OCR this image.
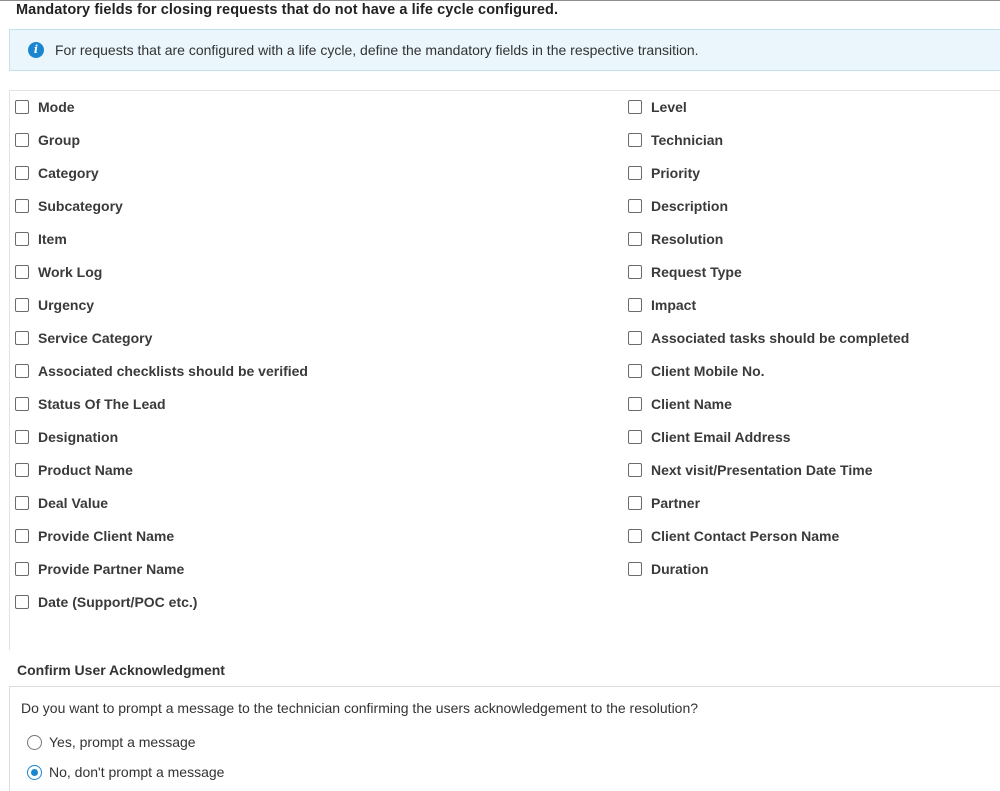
Mandatory fields for closing requests that do not have a life cycle configured.
i	For requests that are configured with a life cycle, define the mandatory fields in the respective transition.
Mode
Group
Category
Subcategory
Item
Work Log
Urgency
Service Category
Associated checklists should be verified
Status Of The Lead
Designation
Product Name
Deal Value
Provide Client Name
Provide Partner Name
Date (Support/POC etc.)
Level
Technician
Priority
Description
Resolution
Request Type
Impact
Associated tasks should be completed
Client Mobile No.
Client Name
Client Email Address
Next visit/Presentation Date Time
Partner
Client Contact Person Name
Duration
Confirm User Acknowledgment
Do you want to prompt a message to the technician confirming the users acknowledgement to the resolution?
Yes, prompt a message
No, don't prompt a message
